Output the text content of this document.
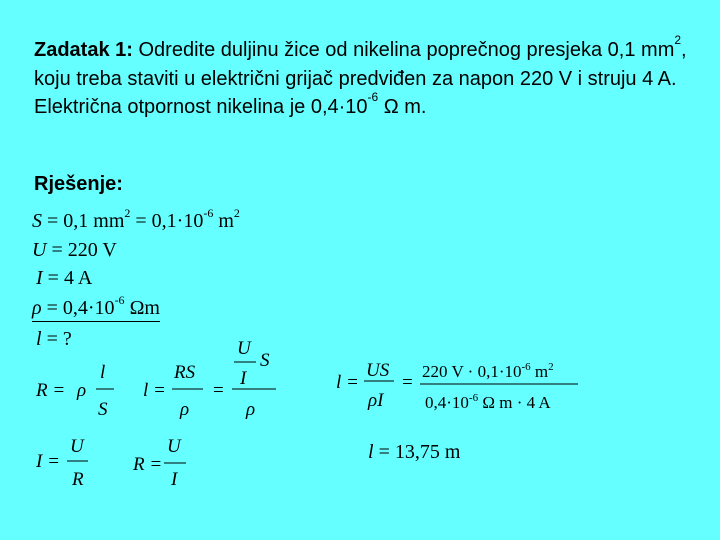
Zadatak 1: Odredite duljinu žice od nikelina poprečnog presjeka 0,1 $mm^2$, koju treba staviti u električni grijač predviđen za napon 220 V i struju 4 A. Električna otpornost nikelina je $0,4\cdot 10^{-6}$ Ω m.
Rješenje:
S = 0,1 $mm^2 = 0,1\cdot 10^{-6}$ $m^2$
U = 220 V
I = 4 A
$\rho = 0,4\cdot 10^{-6}$ Ωm
l = ?
R = ρ
l
S
l =
RS
ρ
=
U
S
I
ρ
l =
US
ρI
=
220 $V \cdot 0,1\cdot 10^{-6}$ $m^2$
$0,4\cdot 10^{-6}$ Ω m · 4 A
I =
U
R
R =
U
I
l = 13,75 m
